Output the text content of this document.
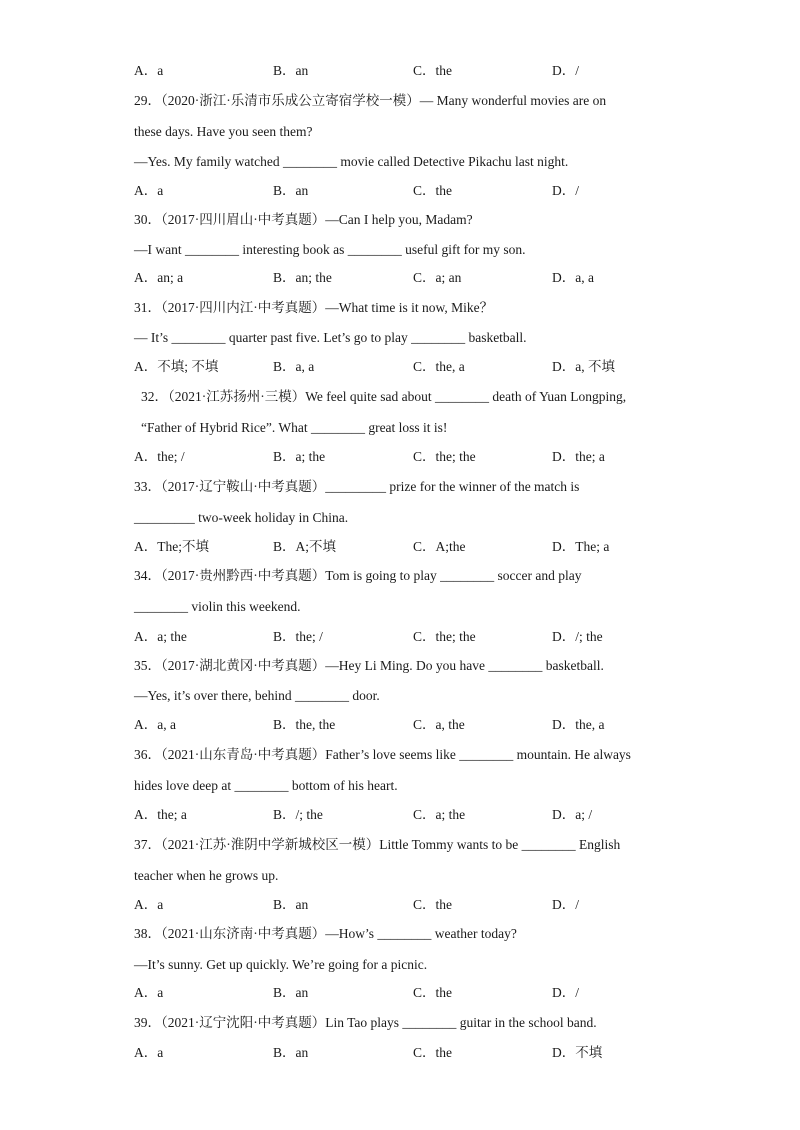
A．a	B．an	C．the	D．/
29．（2020·浙江·乐清市乐成公立寄宿学校一模）— Many wonderful movies are on
these days. Have you seen them?
—Yes. My family watched ________ movie called Detective Pikachu last night.
A．a	B．an	C．the	D．/
30．（2017·四川眉山·中考真题）—Can I help you, Madam?
—I want ________ interesting book as ________ useful gift for my son.
A．an; a	B．an; the	C．a; an	D．a, a
31．（2017·四川内江·中考真题）—What time is it now, Mike？
— It’s ________ quarter past five. Let’s go to play ________ basketball.
A．不填; 不填	B．a, a	C．the, a	D．a, 不填
32．（2021·江苏扬州·三模）We feel quite sad about ________ death of Yuan Longping,
“Father of Hybrid Rice”. What ________ great loss it is!
A．the; /	B．a; the	C．the; the	D．the; a
33．（2017·辽宁鞍山·中考真题）_________ prize for the winner of the match is
_________ two-week holiday in China.
A．The;不填	B．A;不填	C．A;the	D．The; a
34．（2017·贵州黔西·中考真题）Tom is going to play ________ soccer and play
________ violin this weekend.
A．a; the	B．the; /	C．the; the	D．/; the
35．（2017·湖北黄冈·中考真题）—Hey Li Ming. Do you have ________ basketball.
—Yes, it’s over there, behind ________ door.
A．a, a	B．the, the	C．a, the	D．the, a
36．（2021·山东青岛·中考真题）Father’s love seems like ________ mountain. He always
hides love deep at ________ bottom of his heart.
A．the; a	B．/; the	C．a; the	D．a; /
37．（2021·江苏·淮阴中学新城校区一模）Little Tommy wants to be ________ English
teacher when he grows up.
A．a	B．an	C．the	D．/
38．（2021·山东济南·中考真题）—How’s ________ weather today?
—It’s sunny. Get up quickly. We’re going for a picnic.
A．a	B．an	C．the	D．/
39．（2021·辽宁沈阳·中考真题）Lin Tao plays ________ guitar in the school band.
A．a	B．an	C．the	D．不填
